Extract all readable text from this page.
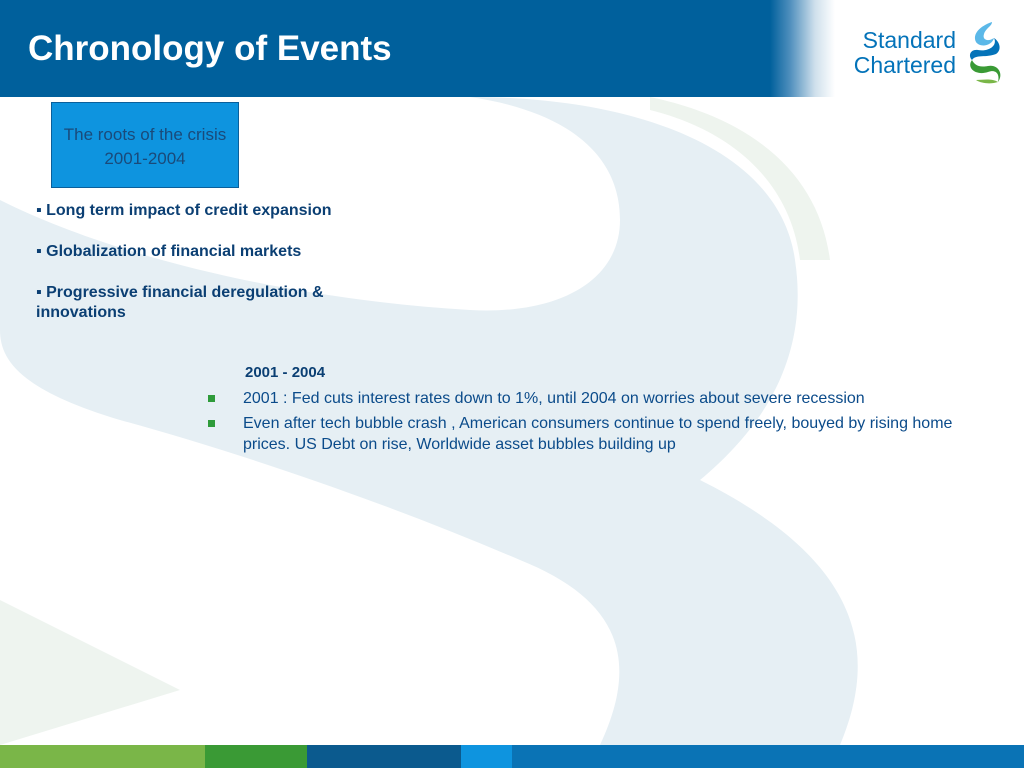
Chronology of Events	Standard
Chartered
The roots of the crisis
2001-2004
▪ Long term impact of credit expansion
▪ Globalization of financial markets
▪ Progressive financial deregulation & innovations
2001 - 2004
2001 : Fed cuts interest rates down to 1%, until 2004 on worries about severe recession
Even after tech bubble crash , American consumers continue to spend freely, bouyed by rising home prices. US Debt on rise, Worldwide asset bubbles building up
